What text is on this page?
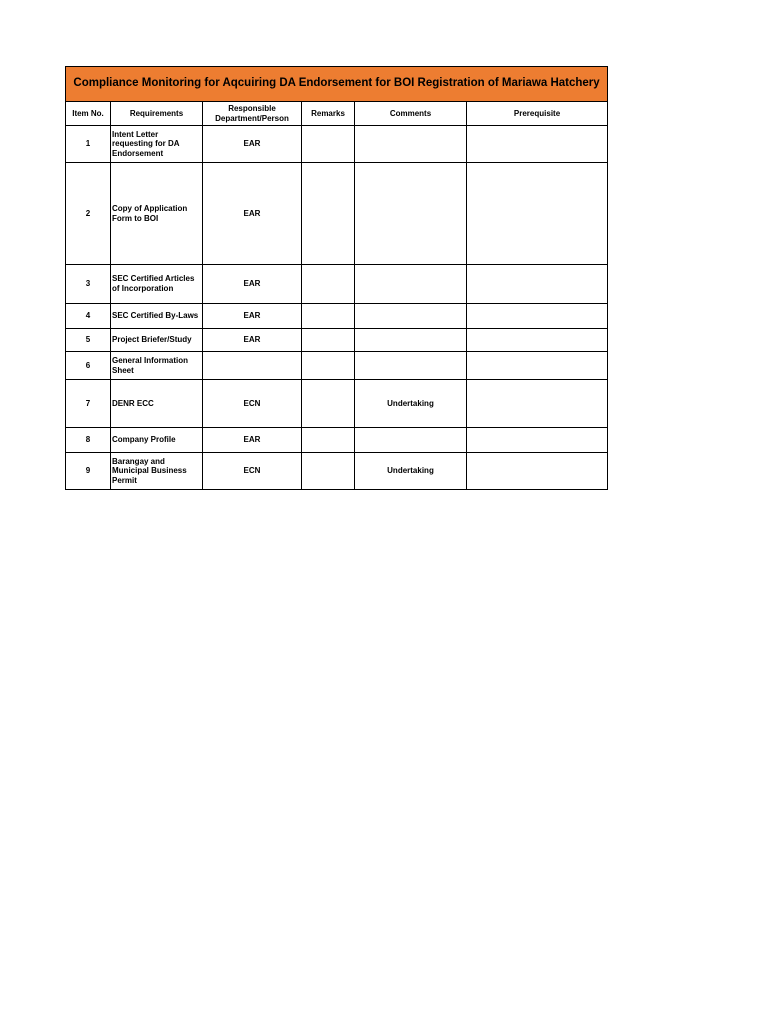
Compliance Monitoring for Aqcuiring DA Endorsement for BOI Registration of Mariawa Hatchery					
Item No.	Requirements	Responsible Department/Person	Remarks	Comments	Prerequisite
1	Intent Letter requesting for DA Endorsement	EAR			
2	Copy of Application Form to BOI	EAR			
3	SEC Certified Articles of Incorporation	EAR			
4	SEC Certified By-Laws	EAR			
5	Project Briefer/Study	EAR			
6	General Information Sheet				
7	DENR ECC	ECN		Undertaking	
8	Company Profile	EAR			
9	Barangay and Municipal Business Permit	ECN		Undertaking	
